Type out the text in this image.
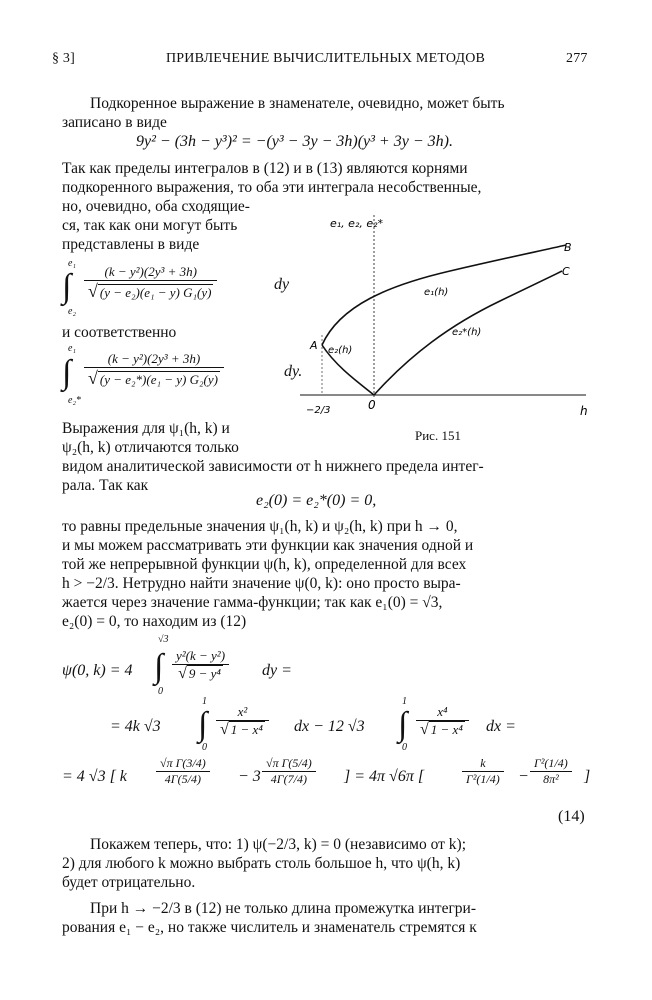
§ 3]	ПРИВЛЕЧЕНИЕ ВЫЧИСЛИТЕЛЬНЫХ МЕТОДОВ	277
Подкоренное выражение в знаменателе, очевидно, может быть
записано в виде
9y² − (3h − y³)² = −(y³ − 3y − 3h)(y³ + 3y − 3h).
Так как пределы интегралов в (12) и в (13) являются корнями
подкоренного выражения, то оба эти интеграла несобственные,
но, очевидно, оба сходящие-
ся, так как они могут быть
представлены в виде
e₁
∫
e₂
$\frac{\text{(k − y²)(2y³ + 3h)}}{\text{√ (y − e₂)(e₁ − y) G₁(y)}}$	dy
и соответственно
e₁
∫
e₂*
$\frac{\text{(k − y²)(2y³ + 3h)}}{\text{√ (y − e₂*)(e₁ − y) G₂(y)}}$	dy.
Выражения для ψ₁(h, k) и
ψ₂(h, k) отличаются только
видом аналитической зависимости от h нижнего предела интег-
рала. Так как
e₂(0) = e₂*(0) = 0,
e₁, e₂, e₂*
h
0
−2/3
A
B
C
e₁(h)
e₂(h)
e₂*(h)
Рис. 151
то равны предельные значения ψ₁(h, k) и ψ₂(h, k) при h → 0,
и мы можем рассматривать эти функции как значения одной и
той же непрерывной функции ψ(h, k), определенной для всех
h > −2/3. Нетрудно найти значение ψ(0, k): оно просто выра-
жается через значение гамма-функции; так как e₁(0) = √3,
e₂(0) = 0, то находим из (12)
ψ(0, k) = 4
√3
∫
0
$\frac{\text{y²(k − y²)}}{\text{√ 9 − y⁴}}$ dy =
= 4k √3
1
∫
0
$\frac{\text{x²}}{\text{√ 1 − x⁴}}$ dx − 12 √3
1
∫
0
$\frac{\text{x⁴}}{\text{√ 1 − x⁴}}$ dx =
= 4 √3 [ k $\frac{\text{√π Γ(3/4)}}{4\Gamma(5/4)} - 3 \frac{\text{√π Γ(5/4)}}{4\Gamma(7/4)}$ ] = 4π √6π [	$\frac{k}{\text{Γ²(1/4)}} - \frac{\text{Γ²(1/4)}}{\text{8π²}}$ ]
(14)
Покажем теперь, что: 1) ψ(−2/3, k) = 0 (независимо от k);
2) для любого k можно выбрать столь большое h, что ψ(h, k)
будет отрицательно.
При h → −2/3 в (12) не только длина промежутка интегри-
рования e₁ − e₂, но также числитель и знаменатель стремятся к
